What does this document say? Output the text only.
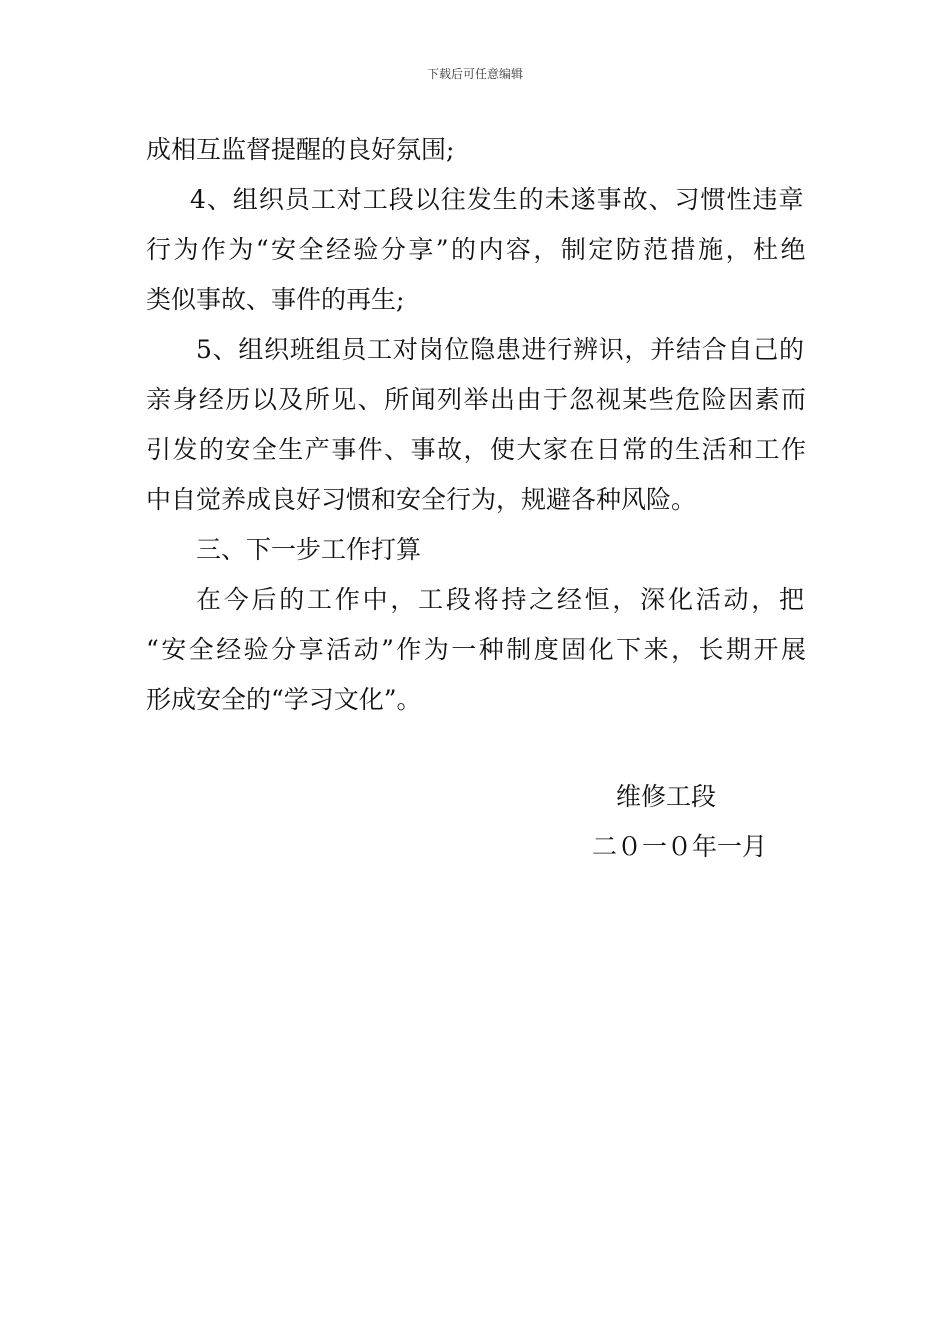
下载后可任意编辑
成相互监督提醒的良好氛围;
4、组织员工对工段以往发生的未遂事故、习惯性违章
行为作为“安全经验分享”的内容，制定防范措施，杜绝
类似事故、事件的再生;
5、组织班组员工对岗位隐患进行辨识，并结合自己的
亲身经历以及所见、所闻列举出由于忽视某些危险因素而
引发的安全生产事件、事故，使大家在日常的生活和工作
中自觉养成良好习惯和安全行为，规避各种风险。
三、下一步工作打算
在今后的工作中，工段将持之经恒，深化活动，把
“安全经验分享活动”作为一种制度固化下来，长期开展
形成安全的“学习文化”。
维修工段
二０一０年一月
